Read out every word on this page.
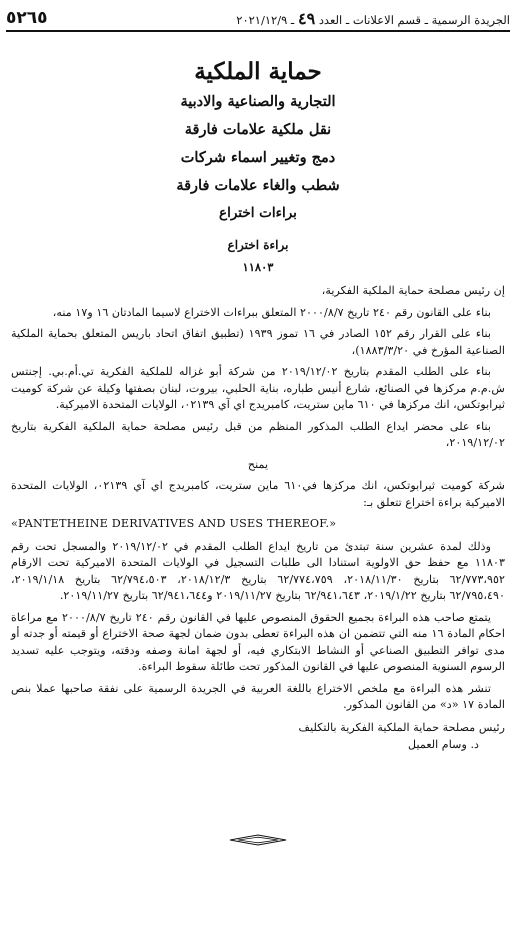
الجريدة الرسمية ـ قسم الاعلانات ـ العدد ٤٩ ـ ٢٠٢١/١٢/٩
٥٢٦٥

حماية الملكية

التجارية والصناعية والادبية

نقل ملكية علامات فارقة

دمج وتغيير اسماء شركات

شطب والغاء علامات فارقة

براءات اختراع
براءة اختراع
١١٨٠٣

إن رئيس مصلحة حماية الملكية الفكرية،

بناء على القانون رقم ٢٤٠ تاريخ ٢٠٠٠/٨/٧ المتعلق ببراءات الاختراع لاسيما المادتان ١٦ و١٧ منه،

بناء على القرار رقم ١٥٢ الصادر في ١٦ تموز ١٩٣٩ (تطبيق اتفاق اتحاد باريس المتعلق بحماية الملكية الصناعية المؤرخ في ١٨٨٣/٣/٢٠)،

بناء على الطلب المقدم بتاريخ ٢٠١٩/١٢/٠٢ من شركة أبو غزاله للملكية الفكرية تي.أم.بي. إجنتس ش.م.م مركزها في الصنائع، شارع أنيس طباره، بناية الحلبي، بيروت، لبنان بصفتها وكيلة عن شركة كوميت ثيرابوتكس، انك مركزها في ٦١٠ ماين ستريت، كامبريدج اي آي ٠٢١٣٩، الولايات المتحدة الاميركية.

بناء على محضر ايداع الطلب المذكور المنظم من قبل رئيس مصلحة حماية الملكية الفكرية بتاريخ ٢٠١٩/١٢/٠٢،

يمنح

شركة كوميت ثيرابوتكس، انك مركزها في٦١٠ ماين ستريت، كامبريدج اي آي ٠٢١٣٩، الولايات المتحدة الاميركية براءة اختراع تتعلق بـ:

«PANTETHEINE DERIVATIVES AND USES THEREOF.»

وذلك لمدة عشرين سنة تبتدئ من تاريخ ايداع الطلب المقدم في ٢٠١٩/١٢/٠٢ والمسجل تحت رقم ١١٨٠٣ مع حفظ حق الاولوية استنادا الى طلبات التسجيل في الولايات المتحدة الاميركية تحت الارقام ٦٢/٧٧٣،٩٥٢ بتاريخ ٢٠١٨/١١/٣٠، ٦٢/٧٧٤،٧٥٩ بتاريخ ٢٠١٨/١٢/٣، ٦٢/٧٩٤،٥٠٣ بتاريخ ٢٠١٩/١/١٨، ٦٢/٧٩٥،٤٩٠ بتاريخ ٢٠١٩/١/٢٢، ٦٢/٩٤١،٦٤٣ بتاريخ ٢٠١٩/١١/٢٧ و٦٢/٩٤١،٦٤٤ بتاريخ ٢٠١٩/١١/٢٧.

يتمتع صاحب هذه البراءة بجميع الحقوق المنصوص عليها في القانون رقم ٢٤٠ تاريخ ٢٠٠٠/٨/٧ مع مراعاة احكام المادة ١٦ منه التي تتضمن ان هذه البراءة تعطى بدون ضمان لجهة صحة الاختراع أو قيمته أو جدته أو مدى توافر التطبيق الصناعي أو النشاط الابتكاري فيه، أو لجهة امانة وصفه ودقته، ويتوجب عليه تسديد الرسوم السنوية المنصوص عليها في القانون المذكور تحت طائلة سقوط البراءة.

تنشر هذه البراءة مع ملخص الاختراع باللغة العربية في الجريدة الرسمية على نفقة صاحبها عملا بنص المادة ١٧ «د» من القانون المذكور.

رئيس مصلحة حماية الملكية الفكرية بالتكليف

د. وسام العميل
